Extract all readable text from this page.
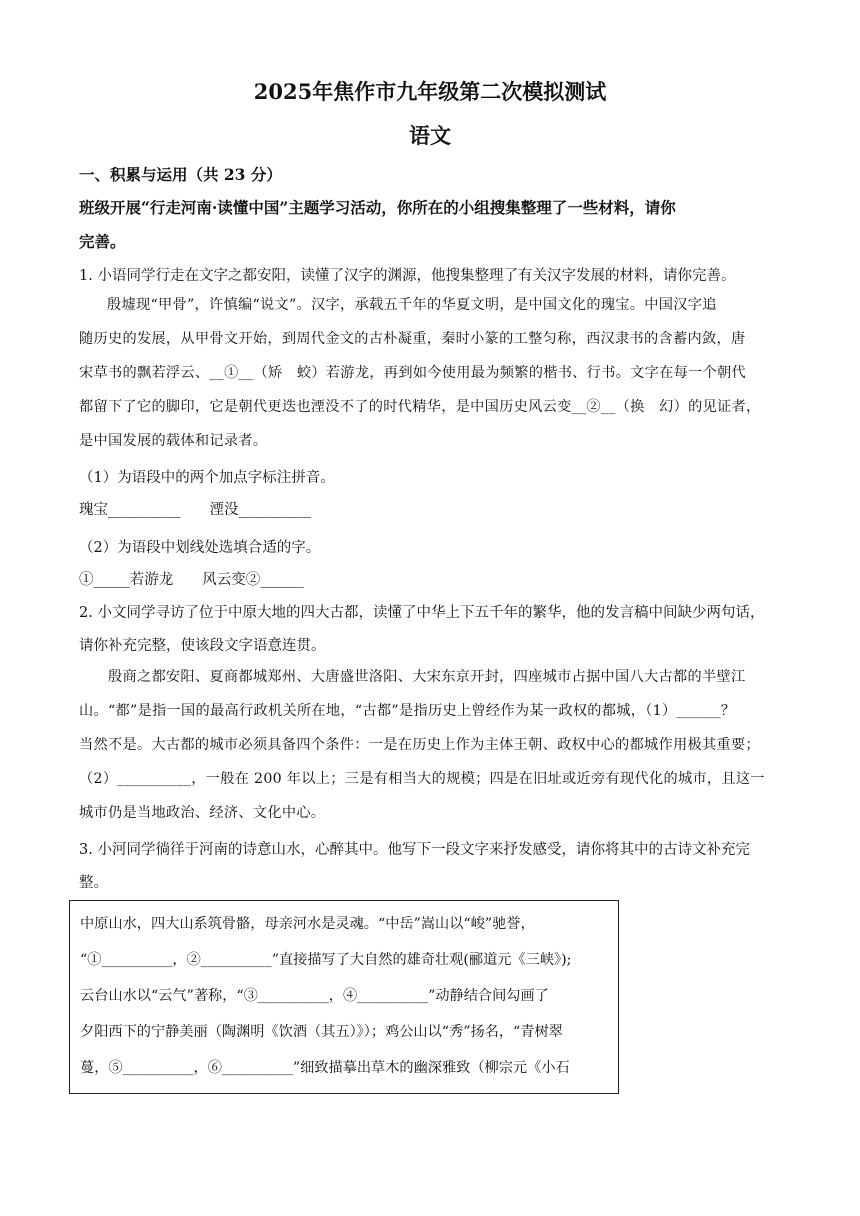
2025年焦作市九年级第二次模拟测试
语文
一、积累与运用（共 23 分）
班级开展“行走河南·读懂中国”主题学习活动，你所在的小组搜集整理了一些材料，请你
完善。
1. 小语同学行走在文字之都安阳，读懂了汉字的渊源，他搜集整理了有关汉字发展的材料，请你完善。
殷墟现“甲骨”，许慎编“说文”。汉字，承载五千年的华夏文明，是中国文化的瑰宝。中国汉字追
随历史的发展，从甲骨文开始，到周代金文的古朴凝重，秦时小篆的工整匀称，西汉隶书的含蓄内敛，唐
宋草书的飘若浮云、__①__（矫　蛟）若游龙，再到如今使用最为频繁的楷书、行书。文字在每一个朝代
都留下了它的脚印，它是朝代更迭也湮没不了的时代精华，是中国历史风云变__②__（换　幻）的见证者，
是中国发展的载体和记录者。
（1）为语段中的两个加点字标注拼音。
瑰宝__________　　湮没__________
（2）为语段中划线处选填合适的字。
①_____若游龙　　风云变②______
2. 小文同学寻访了位于中原大地的四大古都，读懂了中华上下五千年的繁华，他的发言稿中间缺少两句话，
请你补充完整，使该段文字语意连贯。
　　殷商之都安阳、夏商都城郑州、大唐盛世洛阳、大宋东京开封，四座城市占据中国八大古都的半壁江
山。“都”是指一国的最高行政机关所在地，“古都”是指历史上曾经作为某一政权的都城，（1）______？
当然不是。大古都的城市必须具备四个条件：一是在历史上作为主体王朝、政权中心的都城作用极其重要；
（2）__________，一般在 200 年以上；三是有相当大的规模；四是在旧址或近旁有现代化的城市，且这一
城市仍是当地政治、经济、文化中心。
3. 小河同学徜徉于河南的诗意山水，心醉其中。他写下一段文字来抒发感受，请你将其中的古诗文补充完
整。
中原山水，四大山系筑骨骼，母亲河水是灵魂。“中岳”嵩山以“峻”驰誉，
“①__________，②__________”直接描写了大自然的雄奇壮观(郦道元《三峡》);
云台山水以“云气”著称，“③__________，④__________”动静结合间勾画了
夕阳西下的宁静美丽（陶渊明《饮酒（其五）》）；鸡公山以“秀”扬名，“青树翠
蔓，⑤__________，⑥__________”细致描摹出草木的幽深雅致（柳宗元《小石
